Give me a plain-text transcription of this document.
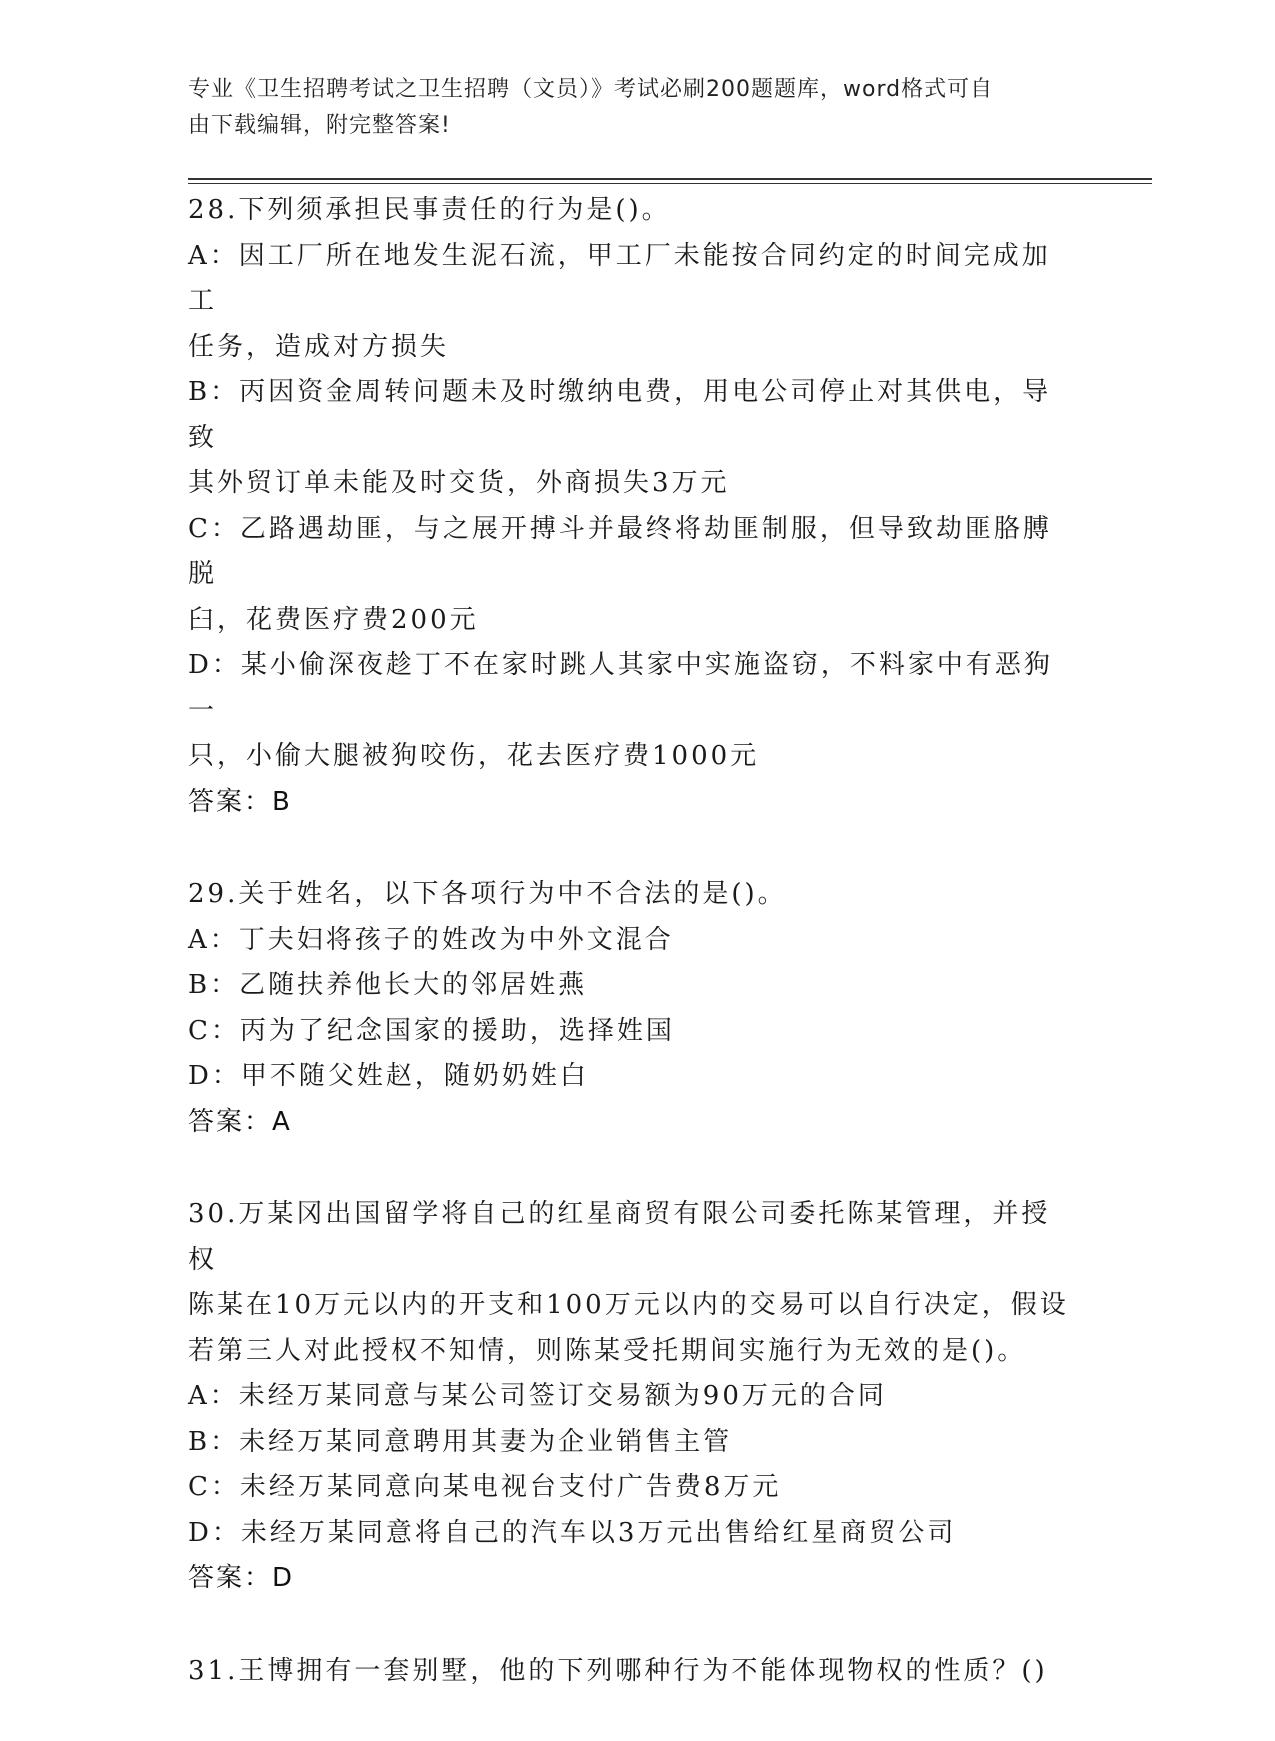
专业《卫生招聘考试之卫生招聘（文员）》考试必刷200题题库，word格式可自
由下载编辑，附完整答案!
28.下列须承担民事责任的行为是()。
A：因工厂所在地发生泥石流，甲工厂未能按合同约定的时间完成加工
任务，造成对方损失
B：丙因资金周转问题未及时缴纳电费，用电公司停止对其供电，导致
其外贸订单未能及时交货，外商损失3万元
C：乙路遇劫匪，与之展开搏斗并最终将劫匪制服，但导致劫匪胳膊脱
臼，花费医疗费200元
D：某小偷深夜趁丁不在家时跳人其家中实施盗窃，不料家中有恶狗一
只，小偷大腿被狗咬伤，花去医疗费1000元
答案：B
29.关于姓名，以下各项行为中不合法的是()。
A：丁夫妇将孩子的姓改为中外文混合
B：乙随扶养他长大的邻居姓燕
C：丙为了纪念国家的援助，选择姓国
D：甲不随父姓赵，随奶奶姓白
答案：A
30.万某冈出国留学将自己的红星商贸有限公司委托陈某管理，并授权
陈某在10万元以内的开支和100万元以内的交易可以自行决定，假设
若第三人对此授权不知情，则陈某受托期间实施行为无效的是()。
A：未经万某同意与某公司签订交易额为90万元的合同
B：未经万某同意聘用其妻为企业销售主管
C：未经万某同意向某电视台支付广告费8万元
D：未经万某同意将自己的汽车以3万元出售给红星商贸公司
答案：D
31.王博拥有一套别墅，他的下列哪种行为不能体现物权的性质？()
